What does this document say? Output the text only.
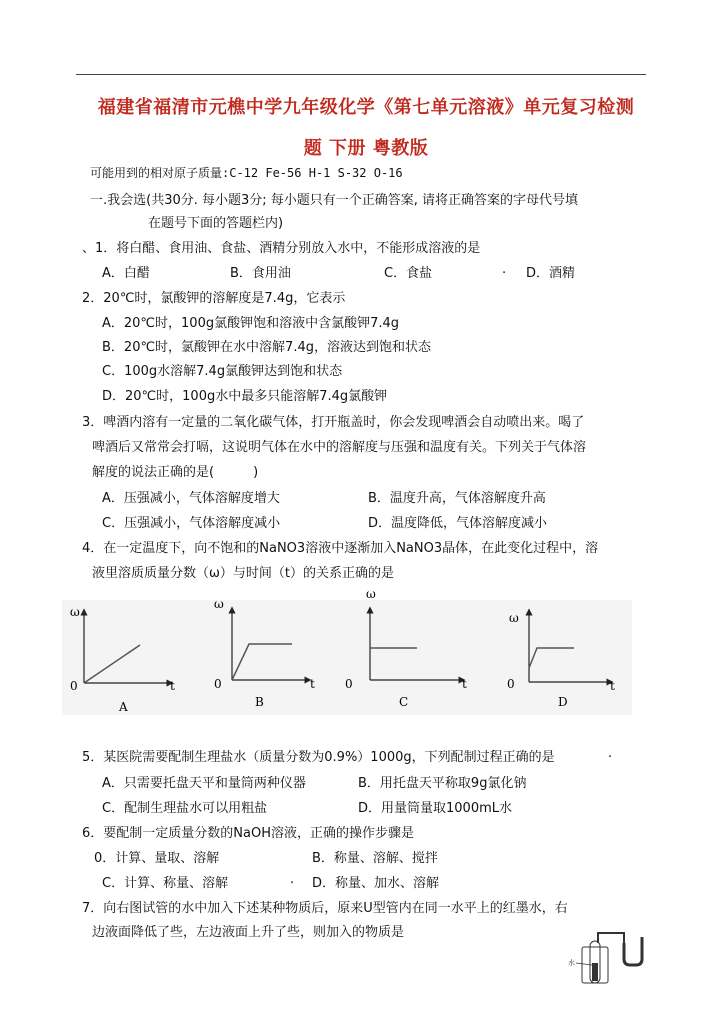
福建省福清市元樵中学九年级化学《第七单元溶液》单元复习检测
题 下册 粤教版
可能用到的相对原子质量:C-12 Fe-56 H-1 S-32 O-16
一.我会选(共30分. 每小题3分; 每小题只有一个正确答案, 请将正确答案的字母代号填
在题号下面的答题栏内)
、1．将白醋、食用油、食盐、酒精分别放入水中，不能形成溶液的是
A．白醋	B．食用油	C．食盐	. D．酒精
2．20℃时，氯酸钾的溶解度是7.4g，它表示
A．20℃时，100g氯酸钾饱和溶液中含氯酸钾7.4g
B．20℃时，氯酸钾在水中溶解7.4g，溶液达到饱和状态
C．100g水溶解7.4g氯酸钾达到饱和状态
D．20℃时，100g水中最多只能溶解7.4g氯酸钾
3．啤酒内溶有一定量的二氧化碳气体，打开瓶盖时，你会发现啤酒会自动喷出来。喝了
啤酒后又常常会打嗝，这说明气体在水中的溶解度与压强和温度有关。下列关于气体溶
解度的说法正确的是(　　　)
A．压强减小，气体溶解度增大	B．温度升高，气体溶解度升高
C．压强减小，气体溶解度减小	D．温度降低，气体溶解度减小
4．在一定温度下，向不饱和的NaNO3溶液中逐渐加入NaNO3晶体，在此变化过程中，溶
液里溶质质量分数（ω）与时间（t）的关系正确的是
ω
0	t
A
ω
0	t
B
ω
0	t
C
ω
0	t
D
5．某医院需要配制生理盐水（质量分数为0.9%）1000g，下列配制过程正确的是	.
A．只需要托盘天平和量筒两种仪器	B．用托盘天平称取9g氯化钠
C．配制生理盐水可以用粗盐	D．用量筒量取1000mL水
6．要配制一定质量分数的NaOH溶液，正确的操作步骤是
0．计算、量取、溶解	B．称量、溶解、搅拌
C．计算、称量、溶解	. D．称量、加水、溶解
7．向右图试管的水中加入下述某种物质后，原来U型管内在同一水平上的红墨水，右
边液面降低了些，左边液面上升了些，则加入的物质是
水
